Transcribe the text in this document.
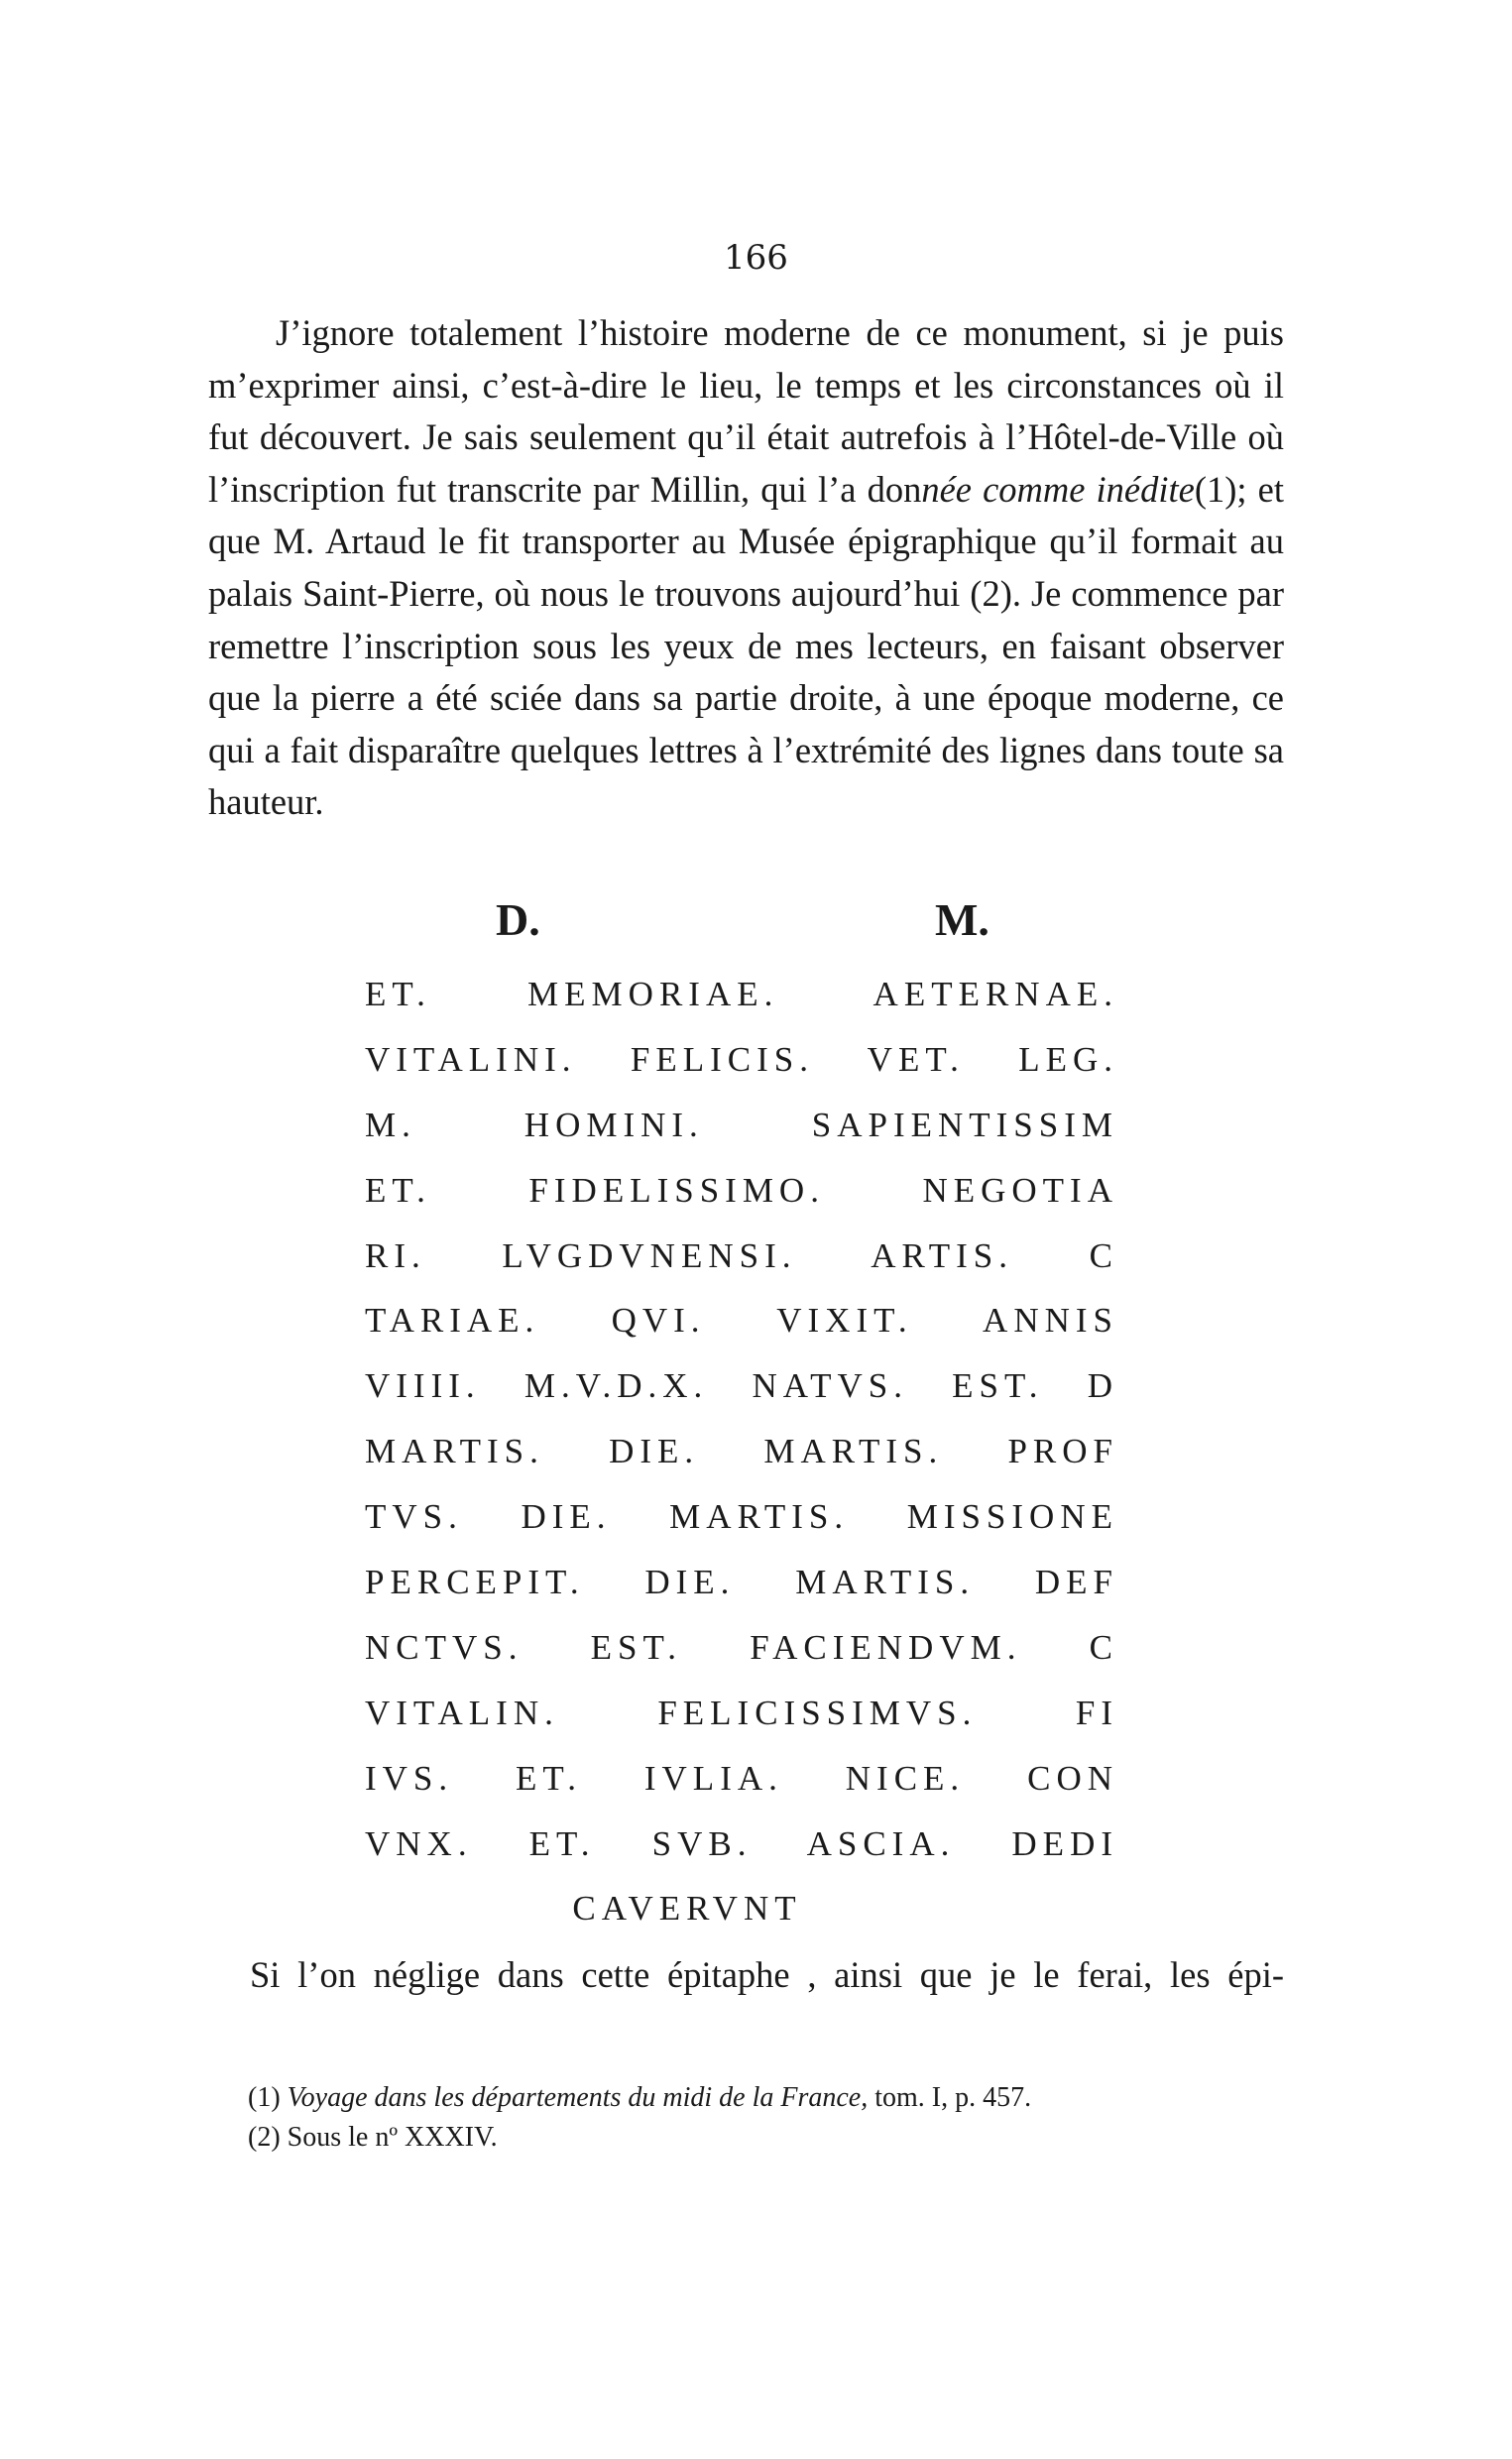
166

J’ignore totalement l’histoire moderne de ce monument, si je puis m’exprimer ainsi, c’est-à-dire le lieu, le temps et les circonstances où il fut découvert. Je sais seulement qu’il était autrefois à l’Hôtel-de-Ville où l’inscription fut transcrite par Millin, qui l’a donnée comme inédite(1); et que M. Artaud le fit transporter au Musée épigraphique qu’il formait au palais Saint-Pierre, où nous le trouvons aujourd’hui (2). Je commence par remettre l’inscription sous les yeux de mes lecteurs, en faisant observer que la pierre a été sciée dans sa partie droite, à une époque moderne, ce qui a fait disparaître quelques lettres à l’extrémité des lignes dans toute sa hauteur.

D.	M.
ET. MEMORIAE. AETERNAE.
VITALINI. FELICIS. VET. LEG.
M. HOMINI. SAPIENTISSIM
ET. FIDELISSIMO. NEGOTIA
RI. LVGDVNENSI. ARTIS. C
TARIAE. QVI. VIXIT. ANNIS
VIIII. M.V.D.X. NATVS. EST. D
MARTIS. DIE. MARTIS. PROF
TVS. DIE. MARTIS. MISSIONE
PERCEPIT. DIE. MARTIS. DEF
NCTVS. EST. FACIENDVM. C
VITALIN. FELICISSIMVS. FI
IVS. ET. IVLIA. NICE. CON
VNX. ET. SVB. ASCIA. DEDI
CAVERVNT

Si l’on néglige dans cette épitaphe , ainsi que je le ferai, les épi-

(1) Voyage dans les départements du midi de la France, tom. I, p. 457.
(2) Sous le nº XXXIV.
